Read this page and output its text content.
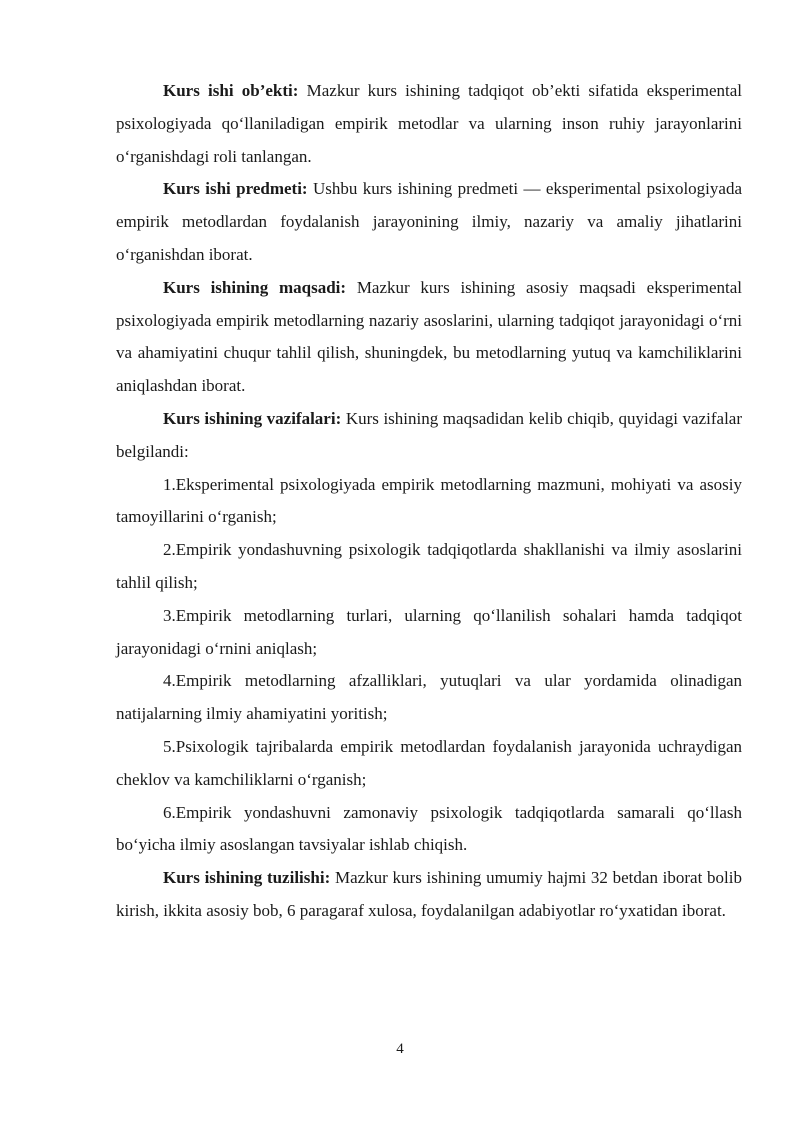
Kurs ishi ob’ekti: Mazkur kurs ishining tadqiqot ob’ekti sifatida eksperimental psixologiyada qo‘llaniladigan empirik metodlar va ularning inson ruhiy jarayonlarini o‘rganishdagi roli tanlangan.

Kurs ishi predmeti: Ushbu kurs ishining predmeti — eksperimental psixologiyada empirik metodlardan foydalanish jarayonining ilmiy, nazariy va amaliy jihatlarini o‘rganishdan iborat.

Kurs ishining maqsadi: Mazkur kurs ishining asosiy maqsadi eksperimental psixologiyada empirik metodlarning nazariy asoslarini, ularning tadqiqot jarayonidagi o‘rni va ahamiyatini chuqur tahlil qilish, shuningdek, bu metodlarning yutuq va kamchiliklarini aniqlashdan iborat.

Kurs ishining vazifalari: Kurs ishining maqsadidan kelib chiqib, quyidagi vazifalar belgilandi:

1.Eksperimental psixologiyada empirik metodlarning mazmuni, mohiyati va asosiy tamoyillarini o‘rganish;

2.Empirik yondashuvning psixologik tadqiqotlarda shakllanishi va ilmiy asoslarini tahlil qilish;

3.Empirik metodlarning turlari, ularning qo‘llanilish sohalari hamda tadqiqot jarayonidagi o‘rnini aniqlash;

4.Empirik metodlarning afzalliklari, yutuqlari va ular yordamida olinadigan natijalarning ilmiy ahamiyatini yoritish;

5.Psixologik tajribalarda empirik metodlardan foydalanish jarayonida uchraydigan cheklov va kamchiliklarni o‘rganish;

6.Empirik yondashuvni zamonaviy psixologik tadqiqotlarda samarali qo‘llash bo‘yicha ilmiy asoslangan tavsiyalar ishlab chiqish.

Kurs ishining tuzilishi: Mazkur kurs ishining umumiy hajmi 32 betdan iborat bolib kirish, ikkita asosiy bob, 6 paragaraf xulosa, foydalanilgan adabiyotlar ro‘yxatidan iborat.

4
